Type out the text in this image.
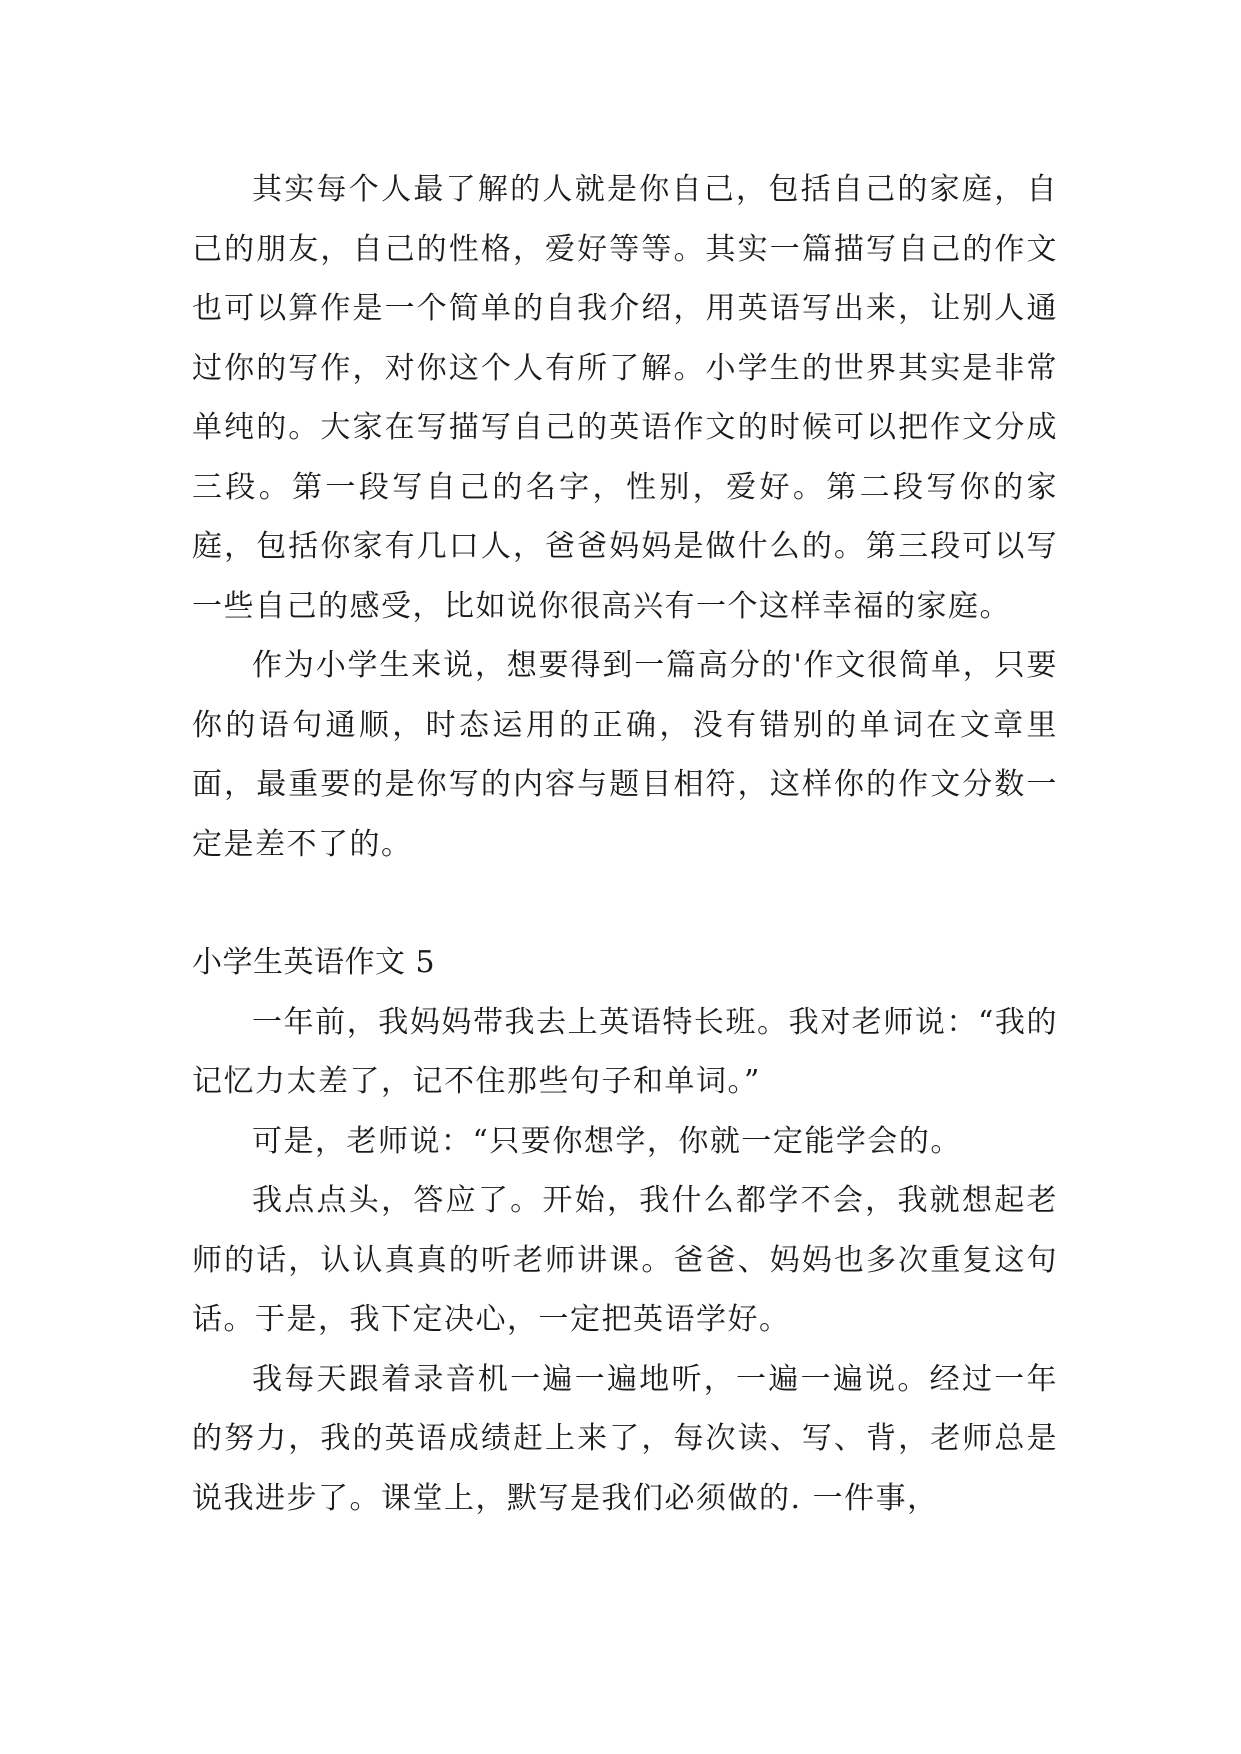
其实每个人最了解的人就是你自己，包括自己的家庭，自己的朋友，自己的性格，爱好等等。其实一篇描写自己的作文也可以算作是一个简单的自我介绍，用英语写出来，让别人通过你的写作，对你这个人有所了解。小学生的世界其实是非常单纯的。大家在写描写自己的英语作文的时候可以把作文分成三段。第一段写自己的名字，性别，爱好。第二段写你的家庭，包括你家有几口人，爸爸妈妈是做什么的。第三段可以写一些自己的感受，比如说你很高兴有一个这样幸福的家庭。

作为小学生来说，想要得到一篇高分的'作文很简单，只要你的语句通顺，时态运用的正确，没有错别的单词在文章里面，最重要的是你写的内容与题目相符，这样你的作文分数一定是差不了的。

小学生英语作文 5

一年前，我妈妈带我去上英语特长班。我对老师说：“我的记忆力太差了，记不住那些句子和单词。”

可是，老师说：“只要你想学，你就一定能学会的。

我点点头，答应了。开始，我什么都学不会，我就想起老师的话，认认真真的听老师讲课。爸爸、妈妈也多次重复这句话。于是，我下定决心，一定把英语学好。

我每天跟着录音机一遍一遍地听，一遍一遍说。经过一年的努力，我的英语成绩赶上来了，每次读、写、背，老师总是说我进步了。课堂上，默写是我们必须做的. 一件事，
